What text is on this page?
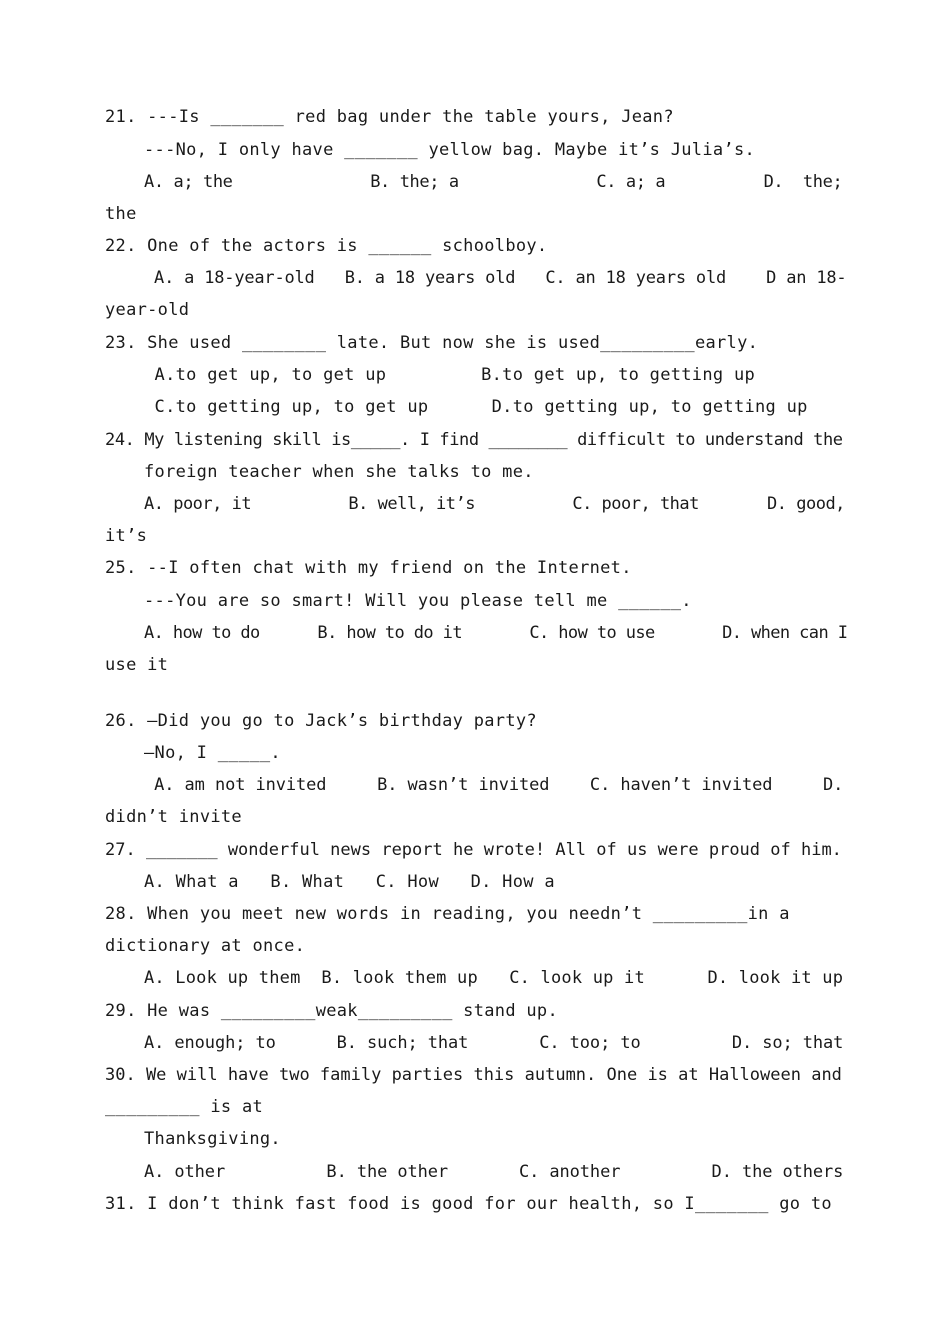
21. ---Is _______ red bag under the table yours, Jean?
---No, I only have _______ yellow bag. Maybe it’s Julia’s.
A. a; the              B. the; a              C. a; a          D.  the;
the
22. One of the actors is ______ schoolboy.
A. a 18-year-old   B. a 18 years old   C. an 18 years old    D an 18-
year-old
23. She used ________ late. But now she is used_________early.
A.to get up, to get up         B.to get up, to getting up
C.to getting up, to get up      D.to getting up, to getting up
24. My listening skill is_____. I find ________ difficult to understand the
foreign teacher when she talks to me.
A. poor, it          B. well, it’s          C. poor, that       D. good,
it’s
25. --I often chat with my friend on the Internet.
---You are so smart! Will you please tell me ______.
A. how to do      B. how to do it       C. how to use       D. when can I
use it
26. —Did you go to Jack’s birthday party?
—No, I _____.
A. am not invited     B. wasn’t invited    C. haven’t invited     D.
didn’t invite
27. _______ wonderful news report he wrote! All of us were proud of him.
A. What a   B. What   C. How   D. How a
28. When you meet new words in reading, you needn’t _________in a
dictionary at once.
A. Look up them  B. look them up   C. look up it      D. look it up
29. He was _________weak_________ stand up.
A. enough; to      B. such; that       C. too; to         D. so; that
30. We will have two family parties this autumn. One is at Halloween and
_________ is at
Thanksgiving.
A. other          B. the other       C. another         D. the others
31. I don’t think fast food is good for our health, so I_______ go to
